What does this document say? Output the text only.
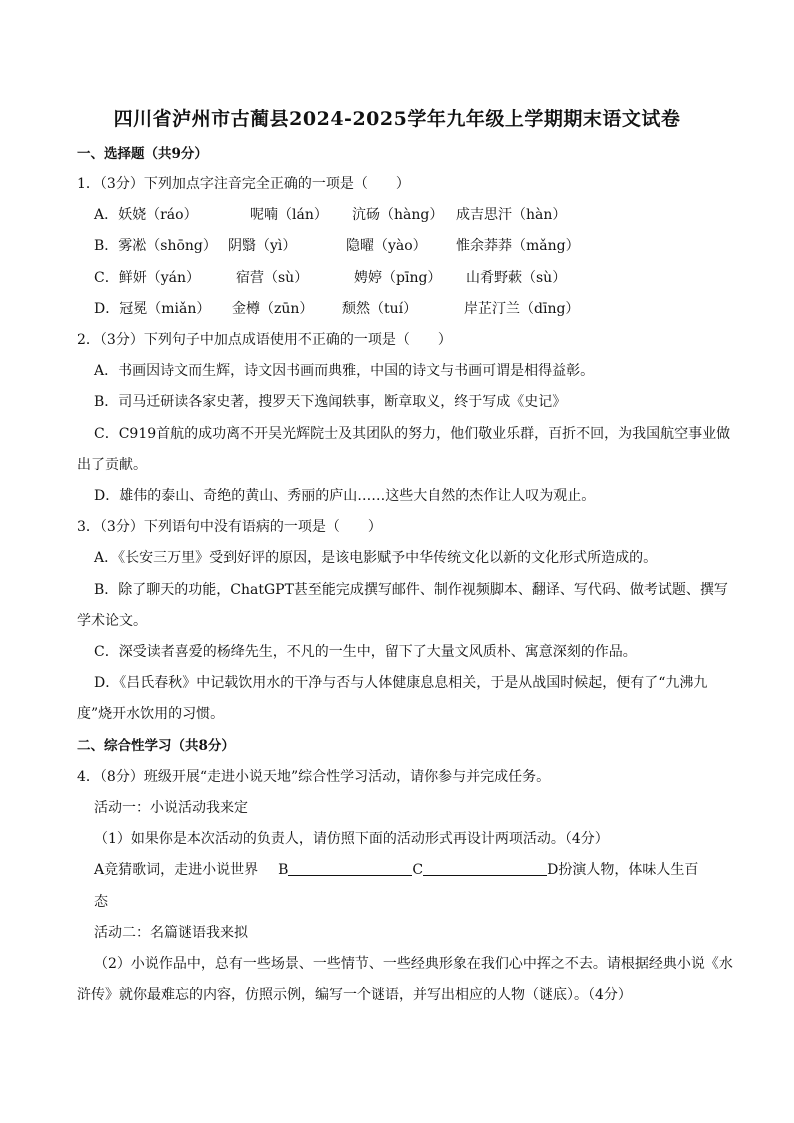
四川省泸州市古蔺县2024-2025学年九年级上学期期末语文试卷
一、选择题（共9分）
1．（3分）下列加点字注音完全正确的一项是（　　）
A．妖娆（ráo）	呢喃（lán） 沆砀（hàng） 成吉思汗（hàn）
B．雾凇（shōng） 阴翳（yì）	隐曜（yào） 惟余莽莽（mǎng）
C．鲜妍（yán）	宿营（sù）	娉婷（pīng） 山肴野蔌（sù）
D．冠冕（miǎn） 金樽（zūn） 颓然（tuí）	岸芷汀兰（dīng）
2．（3分）下列句子中加点成语使用不正确的一项是（　　）
A．书画因诗文而生辉，诗文因书画而典雅，中国的诗文与书画可谓是相得益彰。
B．司马迁研读各家史著，搜罗天下逸闻轶事，断章取义，终于写成《史记》
C．C919首航的成功离不开吴光辉院士及其团队的努力，他们敬业乐群，百折不回，为我国航空事业做
出了贡献。
D．雄伟的泰山、奇绝的黄山、秀丽的庐山……这些大自然的杰作让人叹为观止。
3．（3分）下列语句中没有语病的一项是（　　）
A．《长安三万里》受到好评的原因，是该电影赋予中华传统文化以新的文化形式所造成的。
B．除了聊天的功能，ChatGPT甚至能完成撰写邮件、制作视频脚本、翻译、写代码、做考试题、撰写
学术论文。
C．深受读者喜爱的杨绛先生，不凡的一生中，留下了大量文风质朴、寓意深刻的作品。
D．《吕氏春秋》中记载饮用水的干净与否与人体健康息息相关，于是从战国时候起，便有了“九沸九
度”烧开水饮用的习惯。
二、综合性学习（共8分）
4．（8分）班级开展“走进小说天地”综合性学习活动，请你参与并完成任务。
活动一：小说活动我来定
（1）如果你是本次活动的负责人，请仿照下面的活动形式再设计两项活动。（4分）
A竞猜歌词，走进小说世界 B	C	D扮演人物，体味人生百
态
活动二：名篇谜语我来拟
（2）小说作品中，总有一些场景、一些情节、一些经典形象在我们心中挥之不去。请根据经典小说《水
浒传》就你最难忘的内容，仿照示例，编写一个谜语，并写出相应的人物（谜底）。（4分）
